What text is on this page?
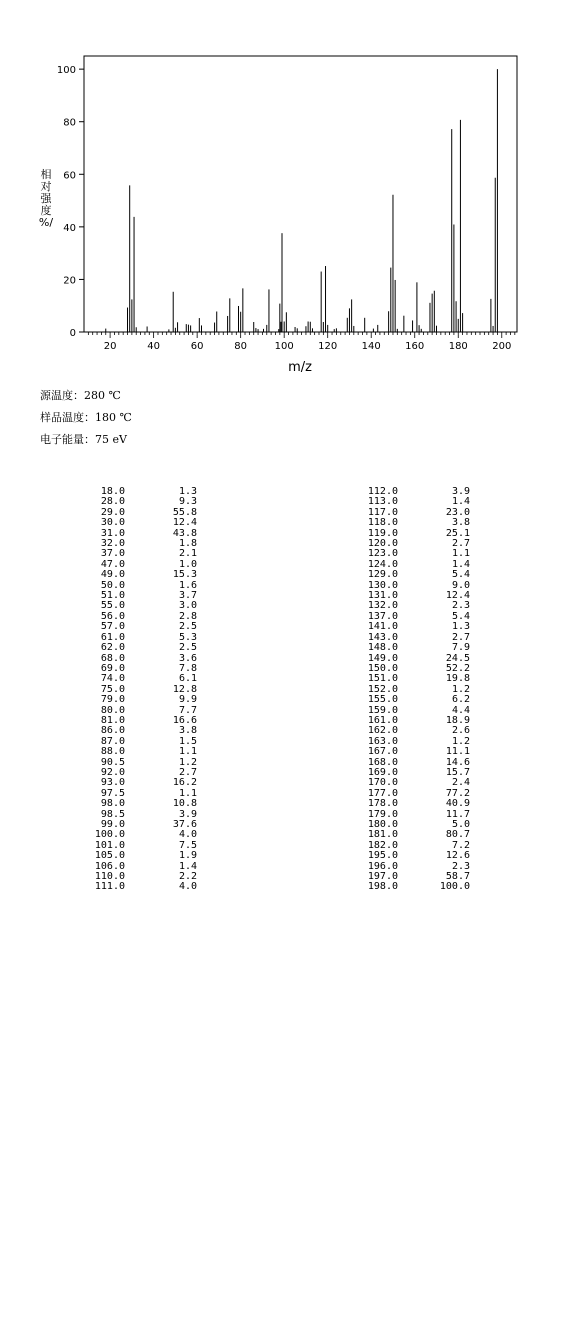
0
20
40
60
80
100
20	40	60	80	100 120 140 160 180 200
m/z
相
对
强
度
%/
源温度：280 ℃
样品温度：180 ℃
电子能量：75 eV
18.0	1.3
28.0	9.3
29.0	55.8
30.0	12.4
31.0	43.8
32.0	1.8
37.0	2.1
47.0	1.0
49.0	15.3
50.0	1.6
51.0	3.7
55.0	3.0
56.0	2.8
57.0	2.5
61.0	5.3
62.0	2.5
68.0	3.6
69.0	7.8
74.0	6.1
75.0	12.8
79.0	9.9
80.0	7.7
81.0	16.6
86.0	3.8
87.0	1.5
88.0	1.1
90.5	1.2
92.0	2.7
93.0	16.2
97.5	1.1
98.0	10.8
98.5	3.9
99.0	37.6
100.0	4.0
101.0	7.5
105.0	1.9
106.0	1.4
110.0	2.2
111.0	4.0
112.0	3.9
113.0	1.4
117.0	23.0
118.0	3.8
119.0	25.1
120.0	2.7
123.0	1.1
124.0	1.4
129.0	5.4
130.0	9.0
131.0	12.4
132.0	2.3
137.0	5.4
141.0	1.3
143.0	2.7
148.0	7.9
149.0	24.5
150.0	52.2
151.0	19.8
152.0	1.2
155.0	6.2
159.0	4.4
161.0	18.9
162.0	2.6
163.0	1.2
167.0	11.1
168.0	14.6
169.0	15.7
170.0	2.4
177.0	77.2
178.0	40.9
179.0	11.7
180.0	5.0
181.0	80.7
182.0	7.2
195.0	12.6
196.0	2.3
197.0	58.7
198.0	100.0
